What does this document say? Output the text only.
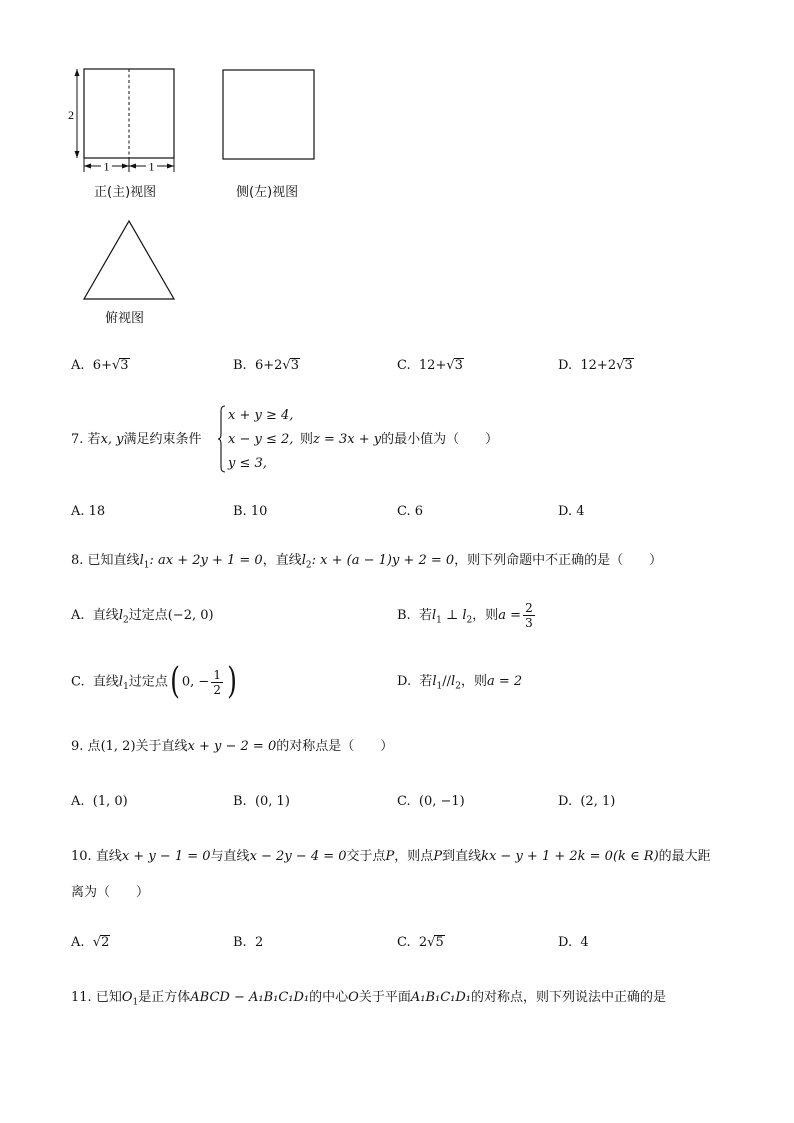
2
1	1
正(主)视图	侧(左)视图
俯视图
A. 6+√3	B. 6+2√3	C. 12+√3	D. 12+2√3
7. 若x, y满足约束条件
x + y ≥ 4,
x − y ≤ 2,
y ≤ 3,
则z = 3x + y的最小值为（　　）
A. 18	B. 10	C. 6	D. 4
8. 已知直线$l_1$: ax + 2y + 1 = 0，直线$l_2$: x + (a − 1)y + 2 = 0，则下列命题中不正确的是（　　）
A. 直线$l_2$过定点(−2, 0)	B. 若$l_1$ ⊥ $l_2$，则$a = \frac{2}{3}$
C. 直线$l_1$过定点( 0, − $\frac{1}{2}$ )	D. 若$l_1//l_2$，则a = 2
9. 点(1, 2)关于直线x + y − 2 = 0的对称点是（　　）
A. (1, 0)	B. (0, 1)	C. (0, −1)	D. (2, 1)
10. 直线x + y − 1 = 0与直线x − 2y − 4 = 0交于点P，则点P到直线kx − y + 1 + 2k = 0(k ∈ R)的最大距
离为（　　）
A.  √2	B. 2	C. 2√5	D. 4
11. 已知$O_1$是正方体ABCD − A₁B₁C₁D₁的中心O关于平面A₁B₁C₁D₁的对称点，则下列说法中正确的是
